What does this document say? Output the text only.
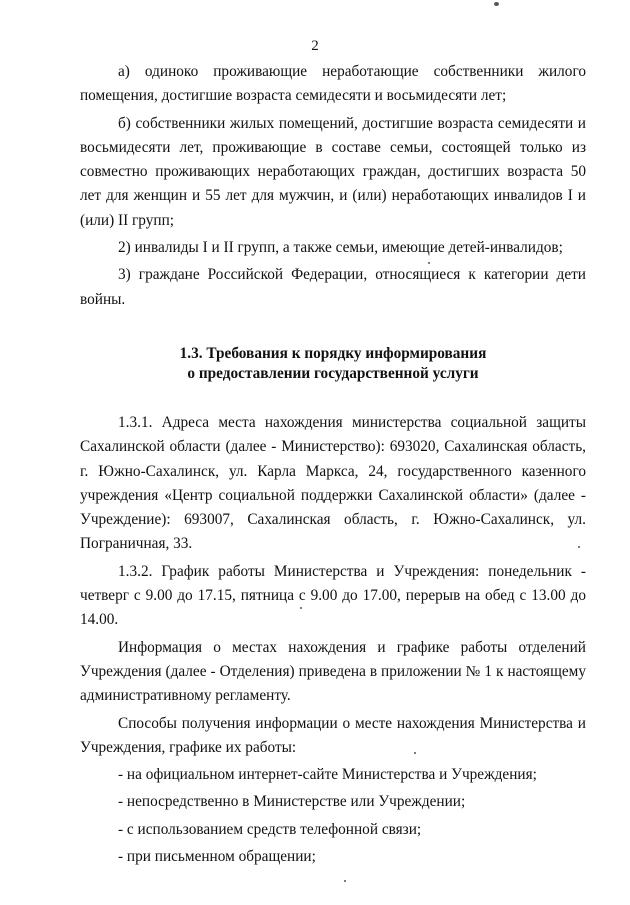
2

а) одиноко проживающие неработающие собственники жилого помещения, достигшие возраста семидесяти и восьмидесяти лет;

б) собственники жилых помещений, достигшие возраста семидесяти и восьмидесяти лет, проживающие в составе семьи, состоящей только из совместно проживающих неработающих граждан, достигших возраста 50 лет для женщин и 55 лет для мужчин, и (или) неработающих инвалидов I и (или) II групп;

2) инвалиды I и II групп, а также семьи, имеющие детей-инвалидов;

3) граждане Российской Федерации, относящиеся к категории дети войны.

1.3. Требования к порядку информирования
о предоставлении государственной услуги

1.3.1. Адреса места нахождения министерства социальной защиты Сахалинской области (далее - Министерство): 693020, Сахалинская область, г. Южно-Сахалинск, ул. Карла Маркса, 24, государственного казенного учреждения «Центр социальной поддержки Сахалинской области» (далее - Учреждение): 693007, Сахалинская область, г. Южно-Сахалинск, ул. Пограничная, 33.

1.3.2. График работы Министерства и Учреждения: понедельник - четверг с 9.00 до 17.15, пятница с 9.00 до 17.00, перерыв на обед с 13.00 до 14.00.

Информация о местах нахождения и графике работы отделений Учреждения (далее - Отделения) приведена в приложении № 1 к настоящему административному регламенту.

Способы получения информации о месте нахождения Министерства и Учреждения, графике их работы:

- на официальном интернет-сайте Министерства и Учреждения;

- непосредственно в Министерстве или Учреждении;

- с использованием средств телефонной связи;

- при письменном обращении;
